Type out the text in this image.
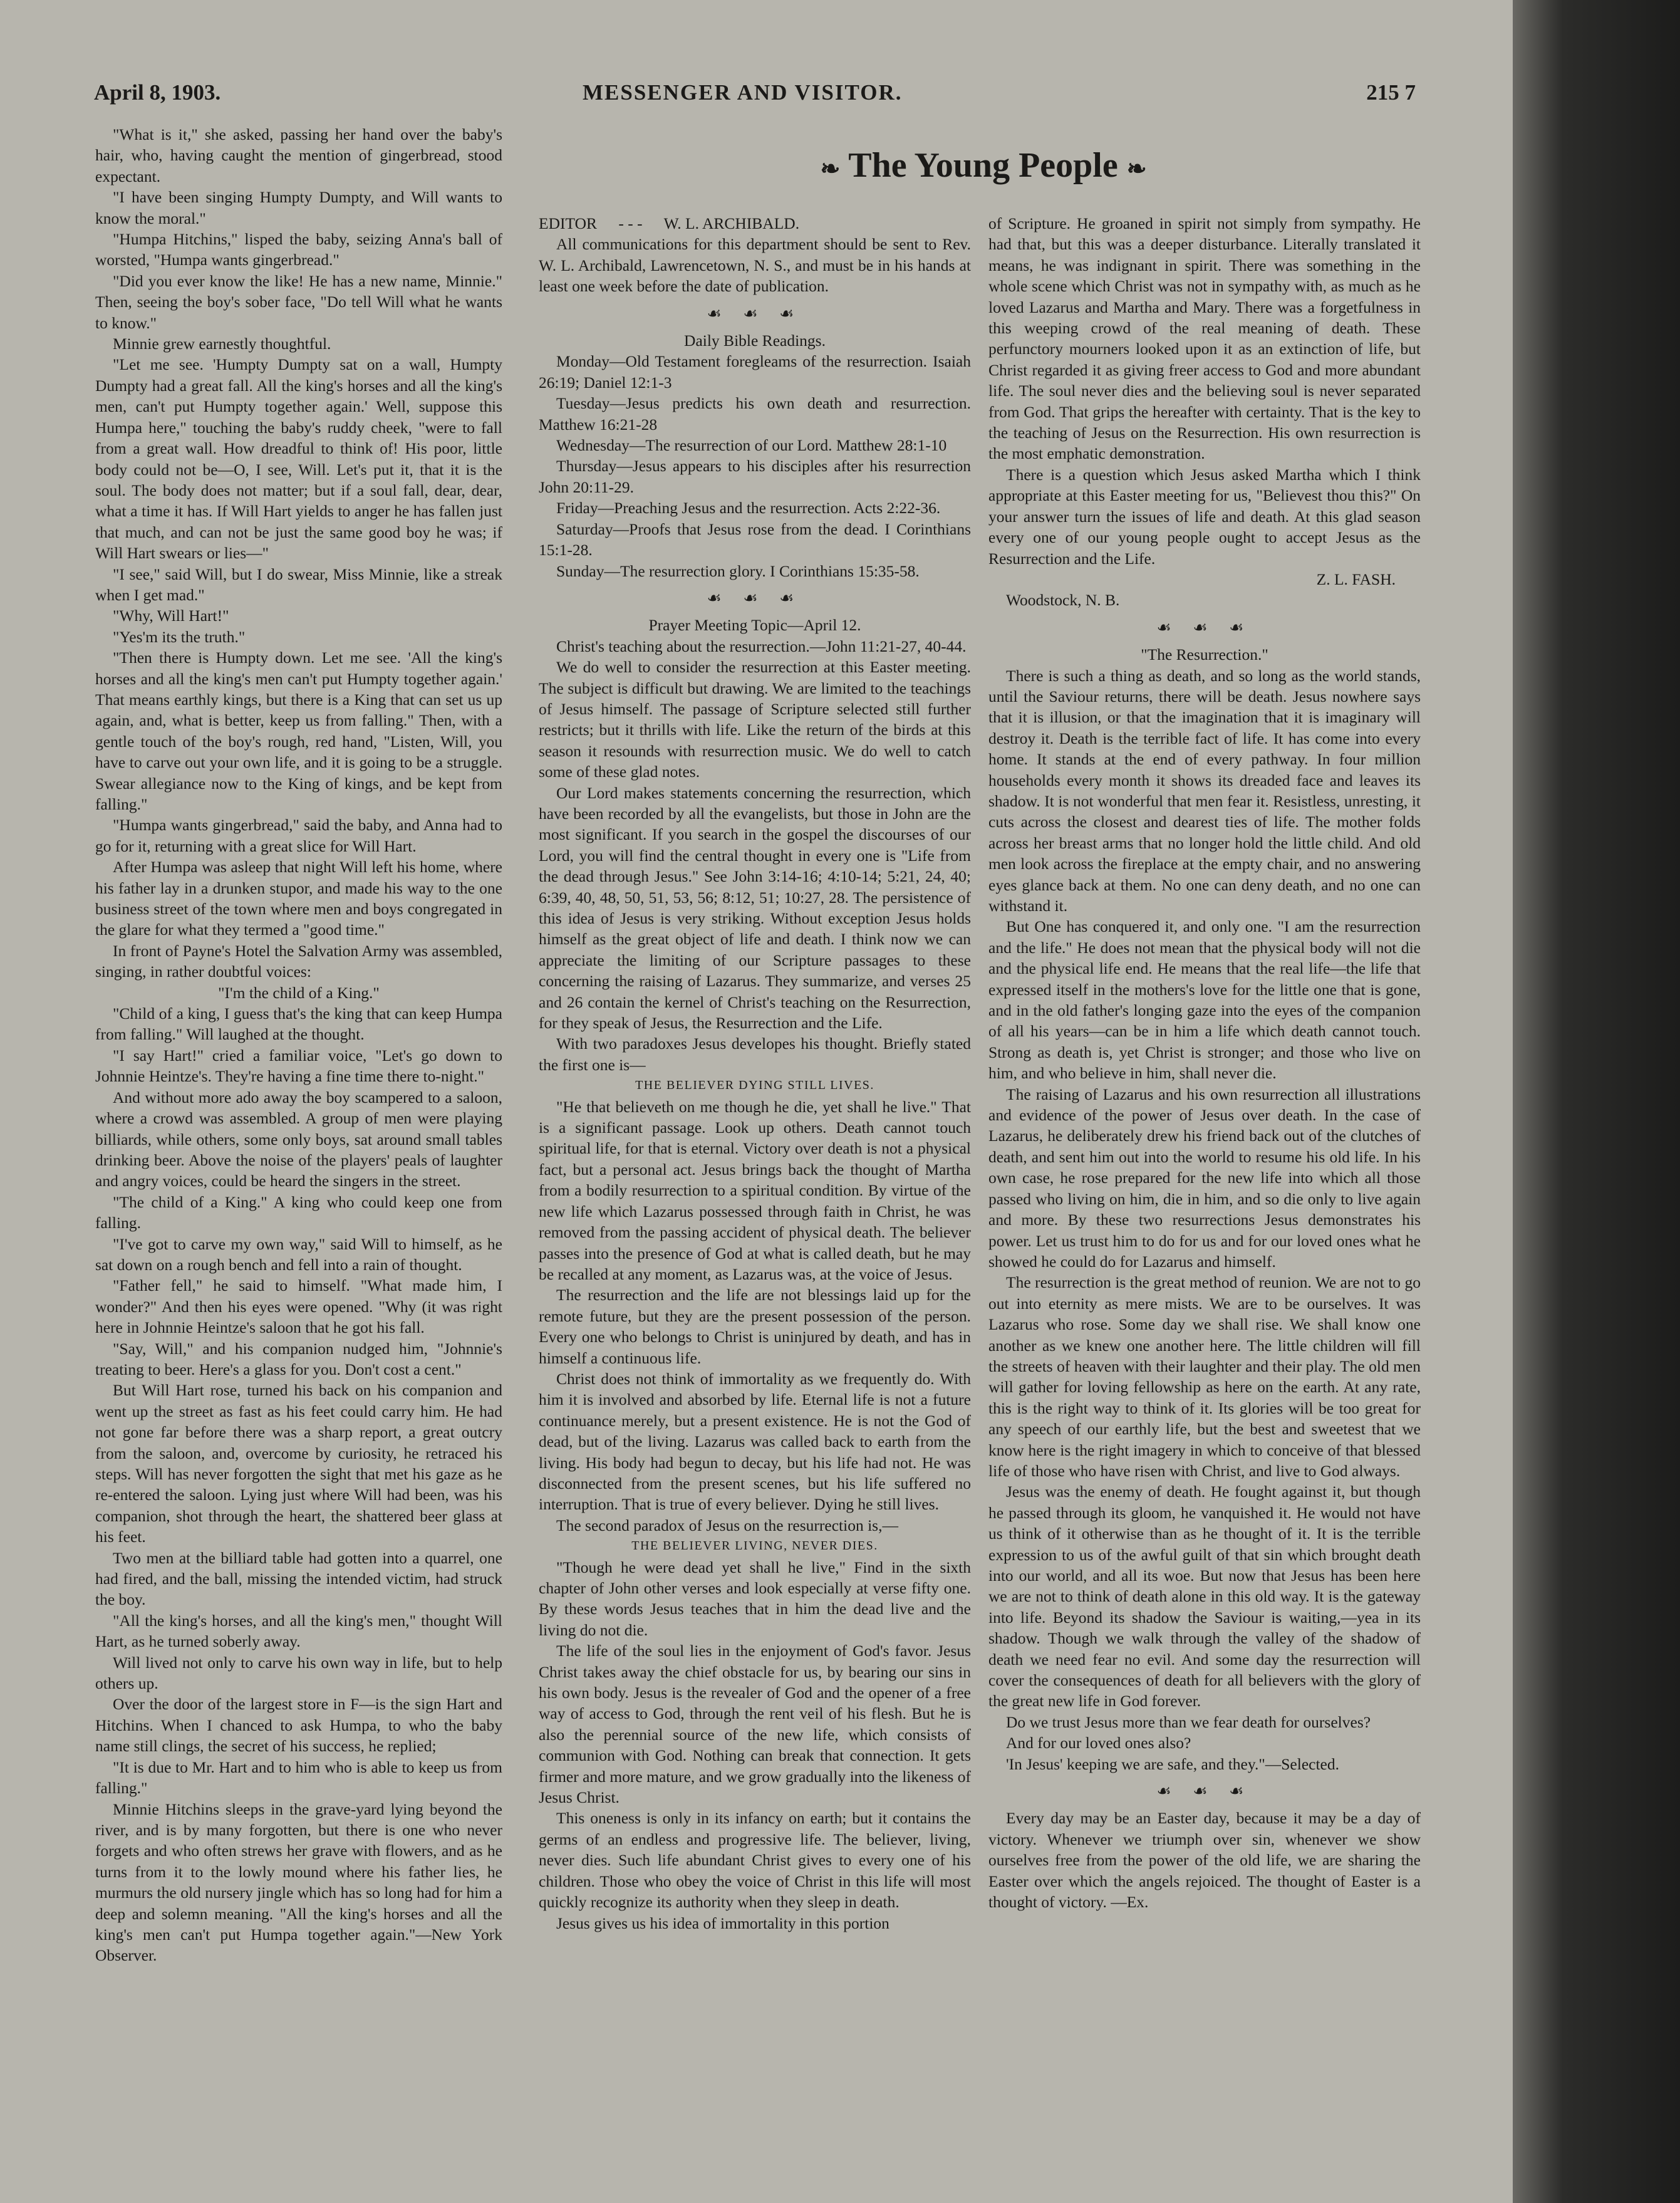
April 8, 1903.	MESSENGER AND VISITOR.	215 7
❧ The Young People ❧

"What is it," she asked, passing her hand over the baby's hair, who, having caught the mention of gingerbread, stood expectant.

"I have been singing Humpty Dumpty, and Will wants to know the moral."

"Humpa Hitchins," lisped the baby, seizing Anna's ball of worsted, "Humpa wants gingerbread."

"Did you ever know the like! He has a new name, Minnie." Then, seeing the boy's sober face, "Do tell Will what he wants to know."

Minnie grew earnestly thoughtful.

"Let me see. 'Humpty Dumpty sat on a wall, Humpty Dumpty had a great fall. All the king's horses and all the king's men, can't put Humpty together again.' Well, suppose this Humpa here," touching the baby's ruddy cheek, "were to fall from a great wall. How dreadful to think of! His poor, little body could not be—O, I see, Will. Let's put it, that it is the soul. The body does not matter; but if a soul fall, dear, dear, what a time it has. If Will Hart yields to anger he has fallen just that much, and can not be just the same good boy he was; if Will Hart swears or lies—"

"I see," said Will, but I do swear, Miss Minnie, like a streak when I get mad."

"Why, Will Hart!"

"Yes'm its the truth."

"Then there is Humpty down. Let me see. 'All the king's horses and all the king's men can't put Humpty together again.' That means earthly kings, but there is a King that can set us up again, and, what is better, keep us from falling." Then, with a gentle touch of the boy's rough, red hand, "Listen, Will, you have to carve out your own life, and it is going to be a struggle. Swear allegiance now to the King of kings, and be kept from falling."

"Humpa wants gingerbread," said the baby, and Anna had to go for it, returning with a great slice for Will Hart.

After Humpa was asleep that night Will left his home, where his father lay in a drunken stupor, and made his way to the one business street of the town where men and boys congregated in the glare for what they termed a "good time."

In front of Payne's Hotel the Salvation Army was assembled, singing, in rather doubtful voices:

"I'm the child of a King."

"Child of a king, I guess that's the king that can keep Humpa from falling." Will laughed at the thought.

"I say Hart!" cried a familiar voice, "Let's go down to Johnnie Heintze's. They're having a fine time there to-night."

And without more ado away the boy scampered to a saloon, where a crowd was assembled. A group of men were playing billiards, while others, some only boys, sat around small tables drinking beer. Above the noise of the players' peals of laughter and angry voices, could be heard the singers in the street.

"The child of a King." A king who could keep one from falling.

"I've got to carve my own way," said Will to himself, as he sat down on a rough bench and fell into a rain of thought.

"Father fell," he said to himself. "What made him, I wonder?" And then his eyes were opened. "Why (it was right here in Johnnie Heintze's saloon that he got his fall.

"Say, Will," and his companion nudged him, "Johnnie's treating to beer. Here's a glass for you. Don't cost a cent."

But Will Hart rose, turned his back on his companion and went up the street as fast as his feet could carry him. He had not gone far before there was a sharp report, a great outcry from the saloon, and, overcome by curiosity, he retraced his steps. Will has never forgotten the sight that met his gaze as he re-entered the saloon. Lying just where Will had been, was his companion, shot through the heart, the shattered beer glass at his feet.

Two men at the billiard table had gotten into a quarrel, one had fired, and the ball, missing the intended victim, had struck the boy.

"All the king's horses, and all the king's men," thought Will Hart, as he turned soberly away.

Will lived not only to carve his own way in life, but to help others up.

Over the door of the largest store in F—is the sign Hart and Hitchins. When I chanced to ask Humpa, to who the baby name still clings, the secret of his success, he replied;

"It is due to Mr. Hart and to him who is able to keep us from falling."

Minnie Hitchins sleeps in the grave-yard lying beyond the river, and is by many forgotten, but there is one who never forgets and who often strews her grave with flowers, and as he turns from it to the lowly mound where his father lies, he murmurs the old nursery jingle which has so long had for him a deep and solemn meaning. "All the king's horses and all the king's men can't put Humpa together again."—New York Observer.

EDITOR - - - W. L. ARCHIBALD.

All communications for this department should be sent to Rev. W. L. Archibald, Lawrencetown, N. S., and must be in his hands at least one week before the date of publication.

☙ ☙ ☙

Daily Bible Readings.

Monday—Old Testament foregleams of the resurrection. Isaiah 26:19; Daniel 12:1-3

Tuesday—Jesus predicts his own death and resurrection. Matthew 16:21-28

Wednesday—The resurrection of our Lord. Matthew 28:1-10

Thursday—Jesus appears to his disciples after his resurrection John 20:11-29.

Friday—Preaching Jesus and the resurrection. Acts 2:22-36.

Saturday—Proofs that Jesus rose from the dead. I Corinthians 15:1-28.

Sunday—The resurrection glory. I Corinthians 15:35-58.

☙ ☙ ☙

Prayer Meeting Topic—April 12.

Christ's teaching about the resurrection.—John 11:21-27, 40-44.

We do well to consider the resurrection at this Easter meeting. The subject is difficult but drawing. We are limited to the teachings of Jesus himself. The passage of Scripture selected still further restricts; but it thrills with life. Like the return of the birds at this season it resounds with resurrection music. We do well to catch some of these glad notes.

Our Lord makes statements concerning the resurrection, which have been recorded by all the evangelists, but those in John are the most significant. If you search in the gospel the discourses of our Lord, you will find the central thought in every one is "Life from the dead through Jesus." See John 3:14-16; 4:10-14; 5:21, 24, 40; 6:39, 40, 48, 50, 51, 53, 56; 8:12, 51; 10:27, 28. The persistence of this idea of Jesus is very striking. Without exception Jesus holds himself as the great object of life and death. I think now we can appreciate the limiting of our Scripture passages to these concerning the raising of Lazarus. They summarize, and verses 25 and 26 contain the kernel of Christ's teaching on the Resurrection, for they speak of Jesus, the Resurrection and the Life.

With two paradoxes Jesus developes his thought. Briefly stated the first one is—

THE BELIEVER DYING STILL LIVES.

"He that believeth on me though he die, yet shall he live." That is a significant passage. Look up others. Death cannot touch spiritual life, for that is eternal. Victory over death is not a physical fact, but a personal act. Jesus brings back the thought of Martha from a bodily resurrection to a spiritual condition. By virtue of the new life which Lazarus possessed through faith in Christ, he was removed from the passing accident of physical death. The believer passes into the presence of God at what is called death, but he may be recalled at any moment, as Lazarus was, at the voice of Jesus.

The resurrection and the life are not blessings laid up for the remote future, but they are the present possession of the person. Every one who belongs to Christ is uninjured by death, and has in himself a continuous life.

Christ does not think of immortality as we frequently do. With him it is involved and absorbed by life. Eternal life is not a future continuance merely, but a present existence. He is not the God of dead, but of the living. Lazarus was called back to earth from the living. His body had begun to decay, but his life had not. He was disconnected from the present scenes, but his life suffered no interruption. That is true of every believer. Dying he still lives.

The second paradox of Jesus on the resurrection is,—

THE BELIEVER LIVING, NEVER DIES.

"Though he were dead yet shall he live," Find in the sixth chapter of John other verses and look especially at verse fifty one. By these words Jesus teaches that in him the dead live and the living do not die.

The life of the soul lies in the enjoyment of God's favor. Jesus Christ takes away the chief obstacle for us, by bearing our sins in his own body. Jesus is the revealer of God and the opener of a free way of access to God, through the rent veil of his flesh. But he is also the perennial source of the new life, which consists of communion with God. Nothing can break that connection. It gets firmer and more mature, and we grow gradually into the likeness of Jesus Christ.

This oneness is only in its infancy on earth; but it contains the germs of an endless and progressive life. The believer, living, never dies. Such life abundant Christ gives to every one of his children. Those who obey the voice of Christ in this life will most quickly recognize its authority when they sleep in death.

Jesus gives us his idea of immortality in this portion

of Scripture. He groaned in spirit not simply from sympathy. He had that, but this was a deeper disturbance. Literally translated it means, he was indignant in spirit. There was something in the whole scene which Christ was not in sympathy with, as much as he loved Lazarus and Martha and Mary. There was a forgetfulness in this weeping crowd of the real meaning of death. These perfunctory mourners looked upon it as an extinction of life, but Christ regarded it as giving freer access to God and more abundant life. The soul never dies and the believing soul is never separated from God. That grips the hereafter with certainty. That is the key to the teaching of Jesus on the Resurrection. His own resurrection is the most emphatic demonstration.

There is a question which Jesus asked Martha which I think appropriate at this Easter meeting for us, "Believest thou this?" On your answer turn the issues of life and death. At this glad season every one of our young people ought to accept Jesus as the Resurrection and the Life.

Z. L. FASH.

Woodstock, N. B.

☙ ☙ ☙

"The Resurrection."

There is such a thing as death, and so long as the world stands, until the Saviour returns, there will be death. Jesus nowhere says that it is illusion, or that the imagination that it is imaginary will destroy it. Death is the terrible fact of life. It has come into every home. It stands at the end of every pathway. In four million households every month it shows its dreaded face and leaves its shadow. It is not wonderful that men fear it. Resistless, unresting, it cuts across the closest and dearest ties of life. The mother folds across her breast arms that no longer hold the little child. And old men look across the fireplace at the empty chair, and no answering eyes glance back at them. No one can deny death, and no one can withstand it.

But One has conquered it, and only one. "I am the resurrection and the life." He does not mean that the physical body will not die and the physical life end. He means that the real life—the life that expressed itself in the mothers's love for the little one that is gone, and in the old father's longing gaze into the eyes of the companion of all his years—can be in him a life which death cannot touch. Strong as death is, yet Christ is stronger; and those who live on him, and who believe in him, shall never die.

The raising of Lazarus and his own resurrection all illustrations and evidence of the power of Jesus over death. In the case of Lazarus, he deliberately drew his friend back out of the clutches of death, and sent him out into the world to resume his old life. In his own case, he rose prepared for the new life into which all those passed who living on him, die in him, and so die only to live again and more. By these two resurrections Jesus demonstrates his power. Let us trust him to do for us and for our loved ones what he showed he could do for Lazarus and himself.

The resurrection is the great method of reunion. We are not to go out into eternity as mere mists. We are to be ourselves. It was Lazarus who rose. Some day we shall rise. We shall know one another as we knew one another here. The little children will fill the streets of heaven with their laughter and their play. The old men will gather for loving fellowship as here on the earth. At any rate, this is the right way to think of it. Its glories will be too great for any speech of our earthly life, but the best and sweetest that we know here is the right imagery in which to conceive of that blessed life of those who have risen with Christ, and live to God always.

Jesus was the enemy of death. He fought against it, but though he passed through its gloom, he vanquished it. He would not have us think of it otherwise than as he thought of it. It is the terrible expression to us of the awful guilt of that sin which brought death into our world, and all its woe. But now that Jesus has been here we are not to think of death alone in this old way. It is the gateway into life. Beyond its shadow the Saviour is waiting,—yea in its shadow. Though we walk through the valley of the shadow of death we need fear no evil. And some day the resurrection will cover the consequences of death for all believers with the glory of the great new life in God forever.

Do we trust Jesus more than we fear death for ourselves?

And for our loved ones also?

'In Jesus' keeping we are safe, and they."—Selected.

☙ ☙ ☙

Every day may be an Easter day, because it may be a day of victory. Whenever we triumph over sin, whenever we show ourselves free from the power of the old life, we are sharing the Easter over which the angels rejoiced. The thought of Easter is a thought of victory. —Ex.
